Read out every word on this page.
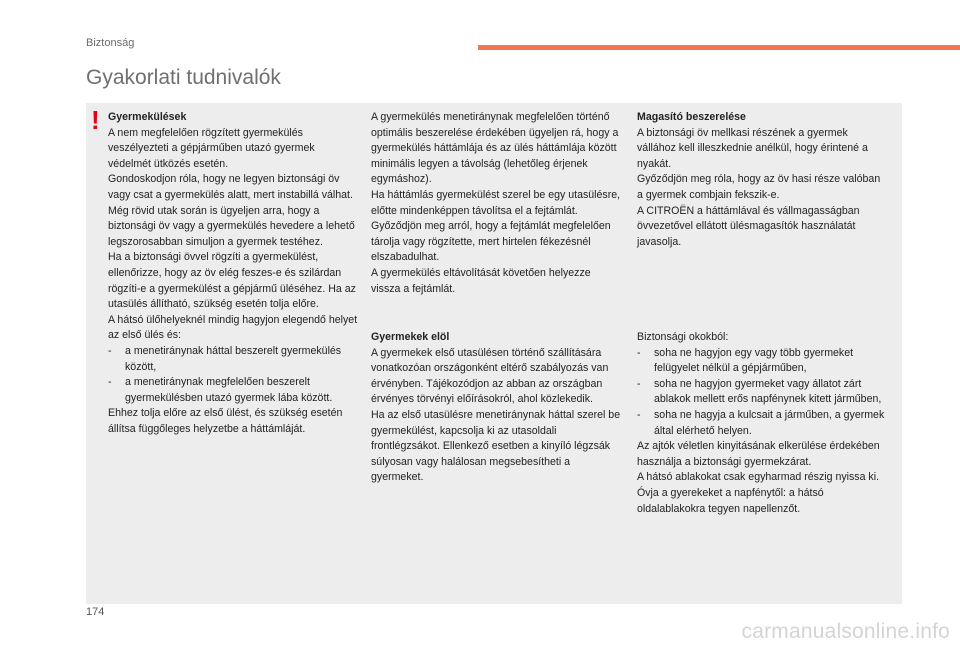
Biztonság
Gyakorlati tudnivalók
! Gyermekülések

A nem megfelelően rögzített gyermekülés veszélyezteti a gépjárműben utazó gyermek védelmét ütközés esetén.

Gondoskodjon róla, hogy ne legyen biztonsági öv vagy csat a gyermekülés alatt, mert instabillá válhat.

Még rövid utak során is ügyeljen arra, hogy a biztonsági öv vagy a gyermekülés hevedere a lehető legszorosabban simuljon a gyermek testéhez.

Ha a biztonsági övvel rögzíti a gyermekülést, ellenőrizze, hogy az öv elég feszes-e és szilárdan rögzíti-e a gyermekülést a gépjármű üléséhez. Ha az utasülés állítható, szükség esetén tolja előre.

A hátsó ülőhelyeknél mindig hagyjon elegendő helyet az első ülés és:

-	a menetiránynak háttal beszerelt gyermekülés között,
-	a menetiránynak megfelelően beszerelt gyermekülésben utazó gyermek lába között.

Ehhez tolja előre az első ülést, és szükség esetén állítsa függőleges helyzetbe a háttámláját.

A gyermekülés menetiránynak megfelelően történő optimális beszerelése érdekében ügyeljen rá, hogy a gyermekülés háttámlája és az ülés háttámlája között minimális legyen a távolság (lehetőleg érjenek egymáshoz).

Ha háttámlás gyermekülést szerel be egy utasülésre, előtte mindenképpen távolítsa el a fejtámlát.

Győződjön meg arról, hogy a fejtámlát megfelelően tárolja vagy rögzítette, mert hirtelen fékezésnél elszabadulhat.

A gyermekülés eltávolítását követően helyezze vissza a fejtámlát.

Gyermekek elöl

A gyermekek első utasülésen történő szállítására vonatkozóan országonként eltérő szabályozás van érvényben. Tájékozódjon az abban az országban érvényes törvényi előírásokról, ahol közlekedik.

Ha az első utasülésre menetiránynak háttal szerel be gyermekülést, kapcsolja ki az utasoldali frontlégzsákot. Ellenkező esetben a kinyíló légzsák súlyosan vagy halálosan megsebesítheti a gyermeket.

Magasító beszerelése

A biztonsági öv mellkasi részének a gyermek vállához kell illeszkednie anélkül, hogy érintené a nyakát.

Győződjön meg róla, hogy az öv hasi része valóban a gyermek combjain fekszik-e.

A CITROËN a háttámlával és vállmagasságban övvezetővel ellátott ülésmagasítók használatát javasolja.

Biztonsági okokból:

-	soha ne hagyjon egy vagy több gyermeket felügyelet nélkül a gépjárműben,
-	soha ne hagyjon gyermeket vagy állatot zárt ablakok mellett erős napfénynek kitett járműben,
-	soha ne hagyja a kulcsait a járműben, a gyermek által elérhető helyen.

Az ajtók véletlen kinyitásának elkerülése érdekében használja a biztonsági gyermekzárat.

A hátsó ablakokat csak egyharmad részig nyissa ki.

Óvja a gyerekeket a napfénytől: a hátsó oldalablakokra tegyen napellenzőt.

174
carmanualsonline.info
